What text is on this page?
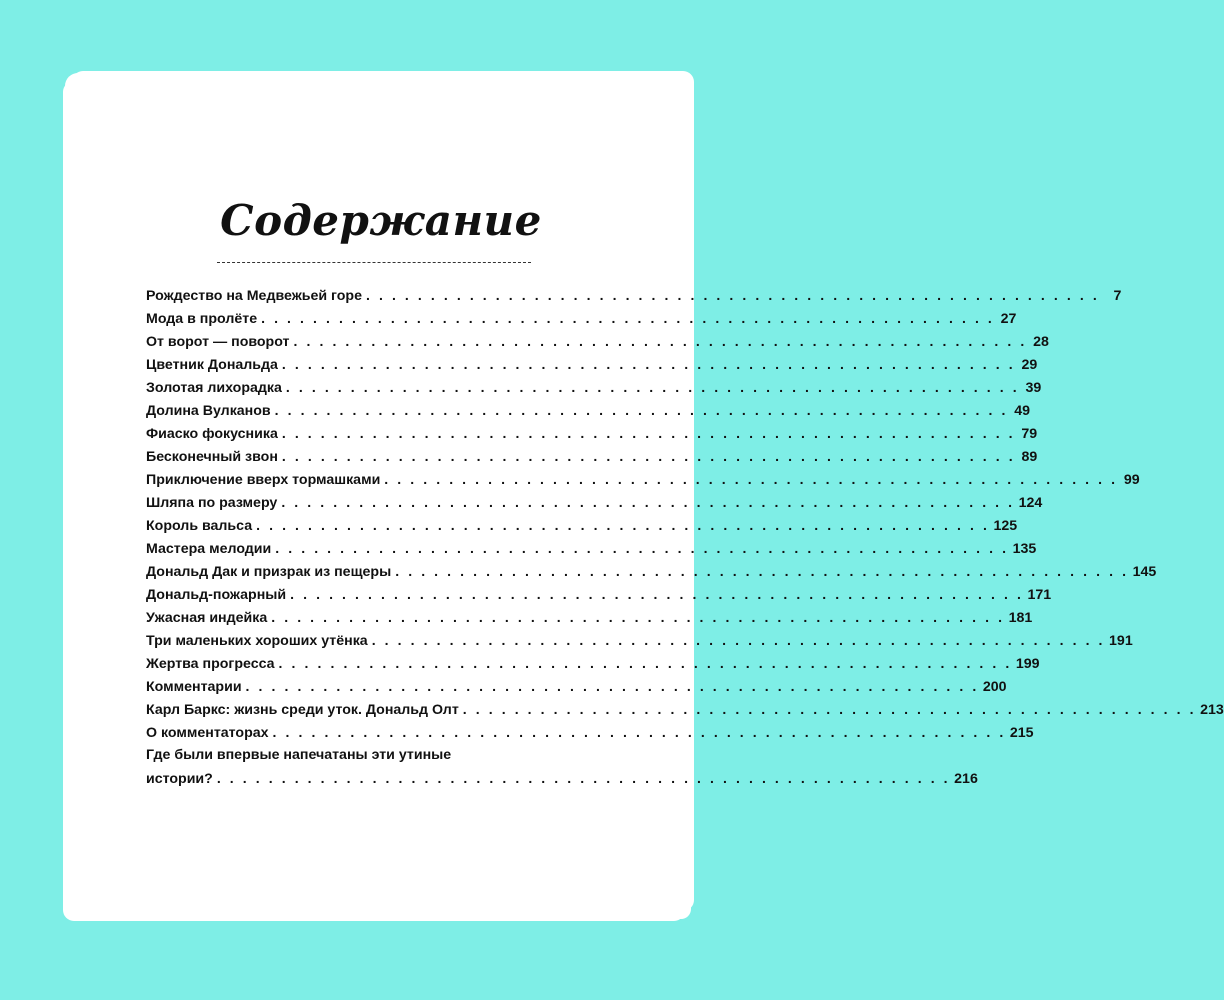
Содержание
Рождество на Медвежьей горе . . . . . . . . . . . . . . . . . . . . . . . . . . . . . . . . . . . . . . . . . . . . . . . . . . . . . . . . . 7
Мода в пролёте . . . . . . . . . . . . . . . . . . . . . . . . . . . . . . . . . . . . . . . . . . . . . . . . . . . . . . . . . 27
От ворот — поворот . . . . . . . . . . . . . . . . . . . . . . . . . . . . . . . . . . . . . . . . . . . . . . . . . . . . . . . . . 28
Цветник Дональда . . . . . . . . . . . . . . . . . . . . . . . . . . . . . . . . . . . . . . . . . . . . . . . . . . . . . . . . . 29
Золотая лихорадка . . . . . . . . . . . . . . . . . . . . . . . . . . . . . . . . . . . . . . . . . . . . . . . . . . . . . . . . . 39
Долина Вулканов . . . . . . . . . . . . . . . . . . . . . . . . . . . . . . . . . . . . . . . . . . . . . . . . . . . . . . . . . 49
Фиаско фокусника . . . . . . . . . . . . . . . . . . . . . . . . . . . . . . . . . . . . . . . . . . . . . . . . . . . . . . . . . 79
Бесконечный звон . . . . . . . . . . . . . . . . . . . . . . . . . . . . . . . . . . . . . . . . . . . . . . . . . . . . . . . . . 89
Приключение вверх тормашками . . . . . . . . . . . . . . . . . . . . . . . . . . . . . . . . . . . . . . . . . . . . . . . . . . . . . . . . . 99
Шляпа по размеру . . . . . . . . . . . . . . . . . . . . . . . . . . . . . . . . . . . . . . . . . . . . . . . . . . . . . . . . . 124
Король вальса . . . . . . . . . . . . . . . . . . . . . . . . . . . . . . . . . . . . . . . . . . . . . . . . . . . . . . . . . 125
Мастера мелодии . . . . . . . . . . . . . . . . . . . . . . . . . . . . . . . . . . . . . . . . . . . . . . . . . . . . . . . . . 135
Дональд Дак и призрак из пещеры . . . . . . . . . . . . . . . . . . . . . . . . . . . . . . . . . . . . . . . . . . . . . . . . . . . . . . . . . 145
Дональд-пожарный . . . . . . . . . . . . . . . . . . . . . . . . . . . . . . . . . . . . . . . . . . . . . . . . . . . . . . . . . 171
Ужасная индейка . . . . . . . . . . . . . . . . . . . . . . . . . . . . . . . . . . . . . . . . . . . . . . . . . . . . . . . . . 181
Три маленьких хороших утёнка . . . . . . . . . . . . . . . . . . . . . . . . . . . . . . . . . . . . . . . . . . . . . . . . . . . . . . . . . 191
Жертва прогресса . . . . . . . . . . . . . . . . . . . . . . . . . . . . . . . . . . . . . . . . . . . . . . . . . . . . . . . . . 199
Комментарии . . . . . . . . . . . . . . . . . . . . . . . . . . . . . . . . . . . . . . . . . . . . . . . . . . . . . . . . . 200
Карл Баркс: жизнь среди уток. Дональд Олт . . . . . . . . . . . . . . . . . . . . . . . . . . . . . . . . . . . . . . . . . . . . . . . . . . . . . . . . . 213
О комментаторах . . . . . . . . . . . . . . . . . . . . . . . . . . . . . . . . . . . . . . . . . . . . . . . . . . . . . . . . . 215
Где были впервые напечатаны эти утиные
истории? . . . . . . . . . . . . . . . . . . . . . . . . . . . . . . . . . . . . . . . . . . . . . . . . . . . . . . . . . 216
